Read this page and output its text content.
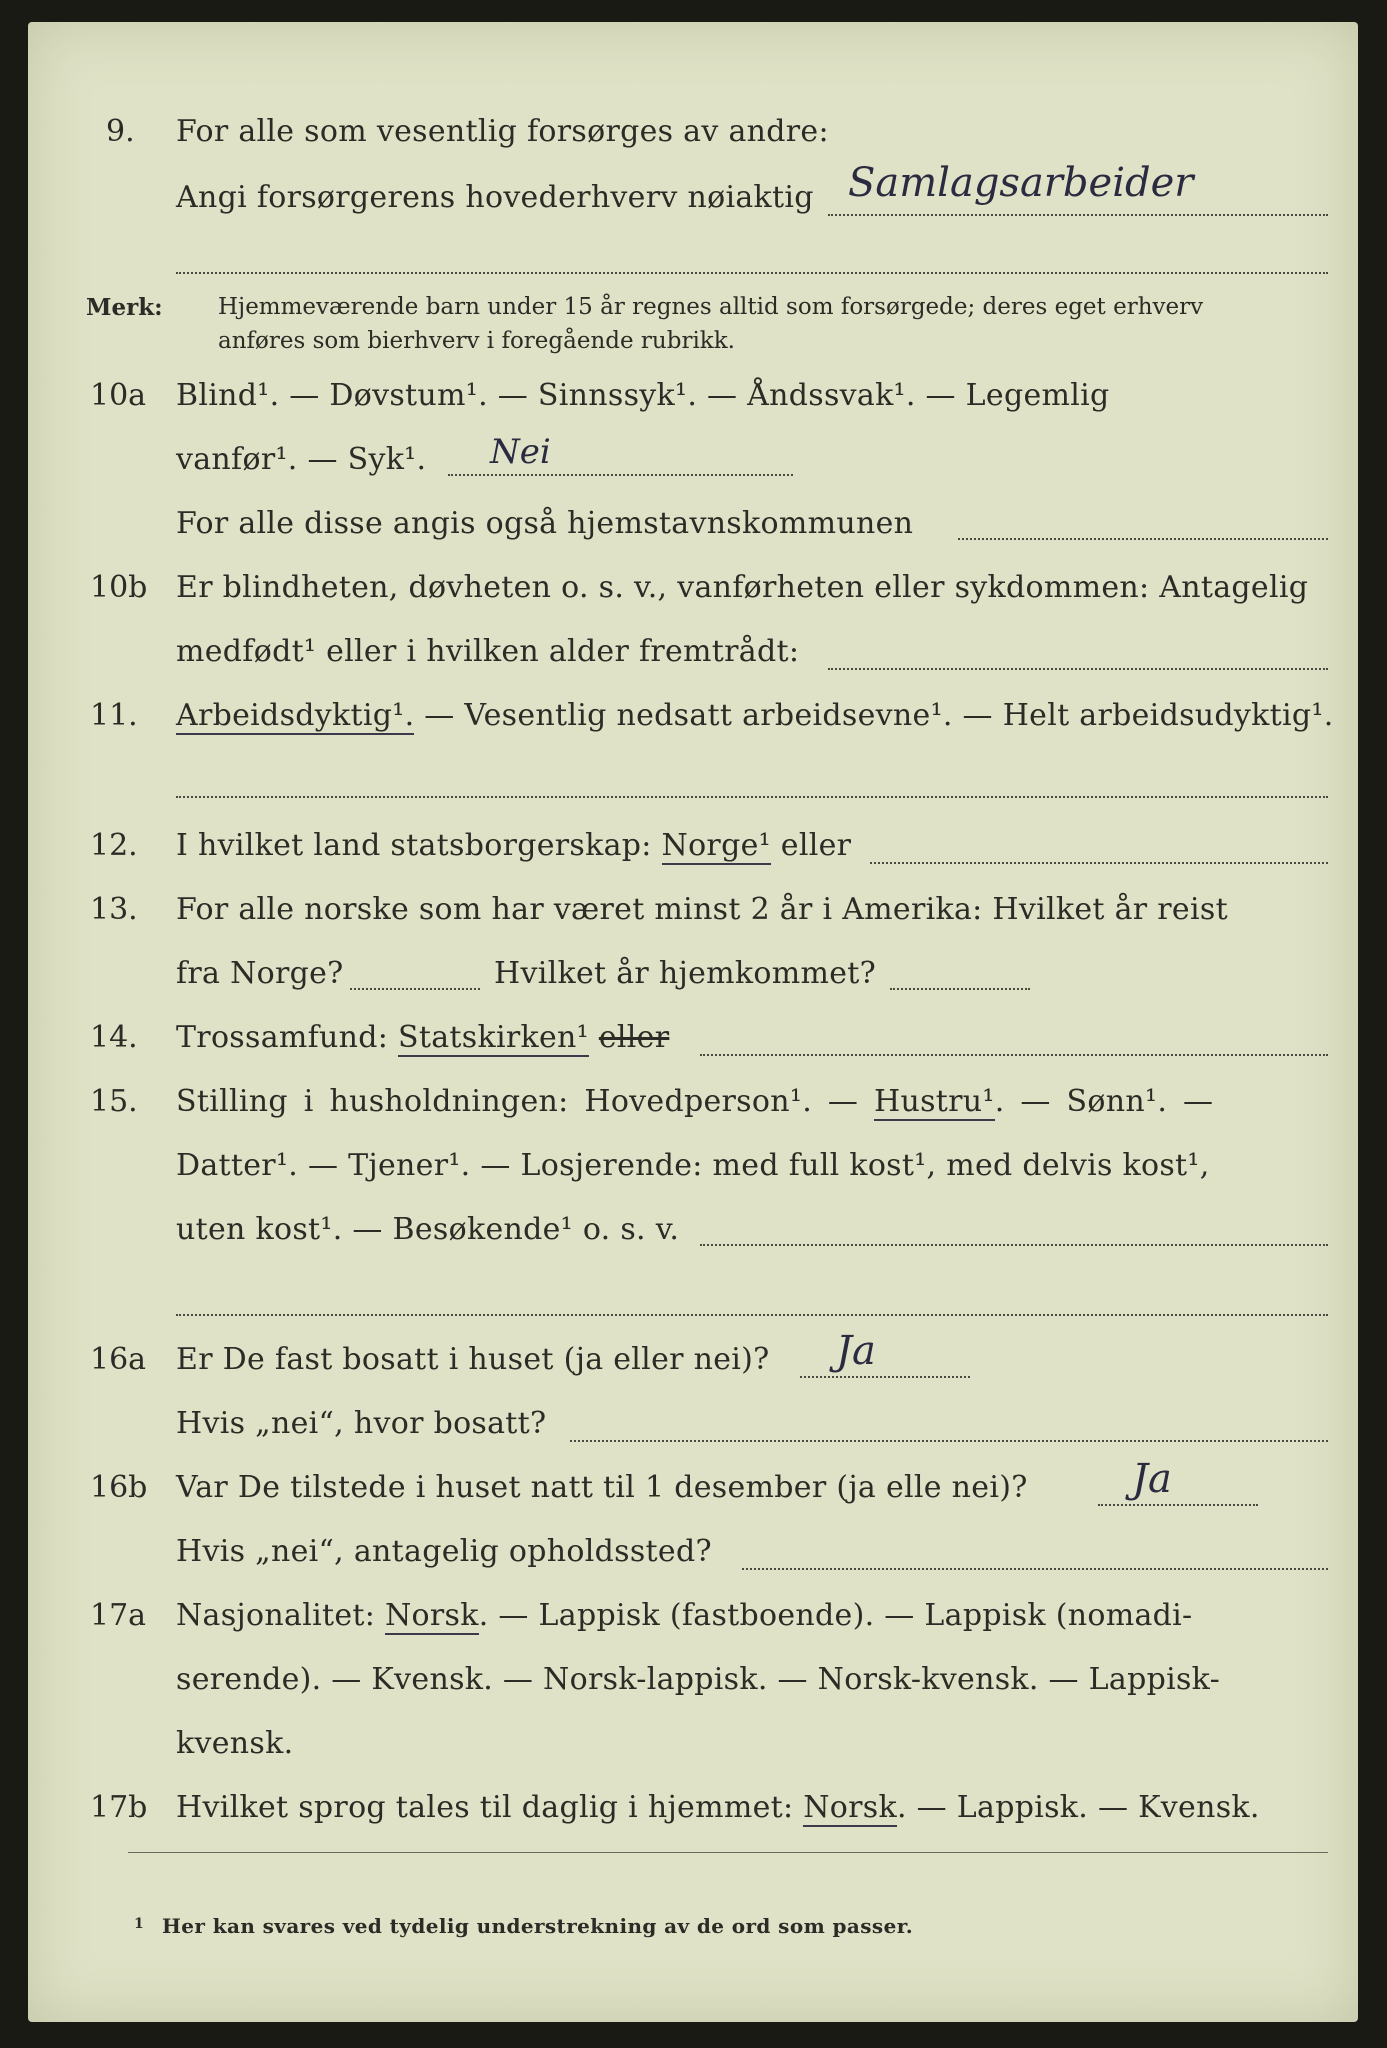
9. For alle som vesentlig forsørges av andre:
Angi forsørgerens hovederhverv nøiaktig Samlagsarbeider
Merk: Hjemmeværende barn under 15 år regnes alltid som forsørgede; deres eget erhverv
anføres som bierhverv i foregående rubrikk.
10a Blind¹. — Døvstum¹. — Sinnssyk¹. — Åndssvak¹. — Legemlig
vanfør¹. — Syk¹. Nei
For alle disse angis også hjemstavnskommunen
10b Er blindheten, døvheten o. s. v., vanførheten eller sykdommen: Antagelig
medfødt¹ eller i hvilken alder fremtrådt:
11. Arbeidsdyktig¹. — Vesentlig nedsatt arbeidsevne¹. — Helt arbeidsudyktig¹.
12. I hvilket land statsborgerskap: Norge¹ eller
13. For alle norske som har været minst 2 år i Amerika: Hvilket år reist
fra Norge?	Hvilket år hjemkommet?
14. Trossamfund: Statskirken¹ eller
15. Stilling i husholdningen: Hovedperson¹. — Hustru¹. — Sønn¹. —
Datter¹. — Tjener¹. — Losjerende: med full kost¹, med delvis kost¹,
uten kost¹. — Besøkende¹ o. s. v.
16a Er De fast bosatt i huset (ja eller nei)? Ja
Hvis „nei“, hvor bosatt?
16b Var De tilstede i huset natt til 1 desember (ja elle nei)?	Ja
Hvis „nei“, antagelig opholdssted?
17a Nasjonalitet: Norsk. — Lappisk (fastboende). — Lappisk (nomadi-
serende). — Kvensk. — Norsk-lappisk. — Norsk-kvensk. — Lappisk-
kvensk.
17b Hvilket sprog tales til daglig i hjemmet: Norsk. — Lappisk. — Kvensk.
1 Her kan svares ved tydelig understrekning av de ord som passer.
